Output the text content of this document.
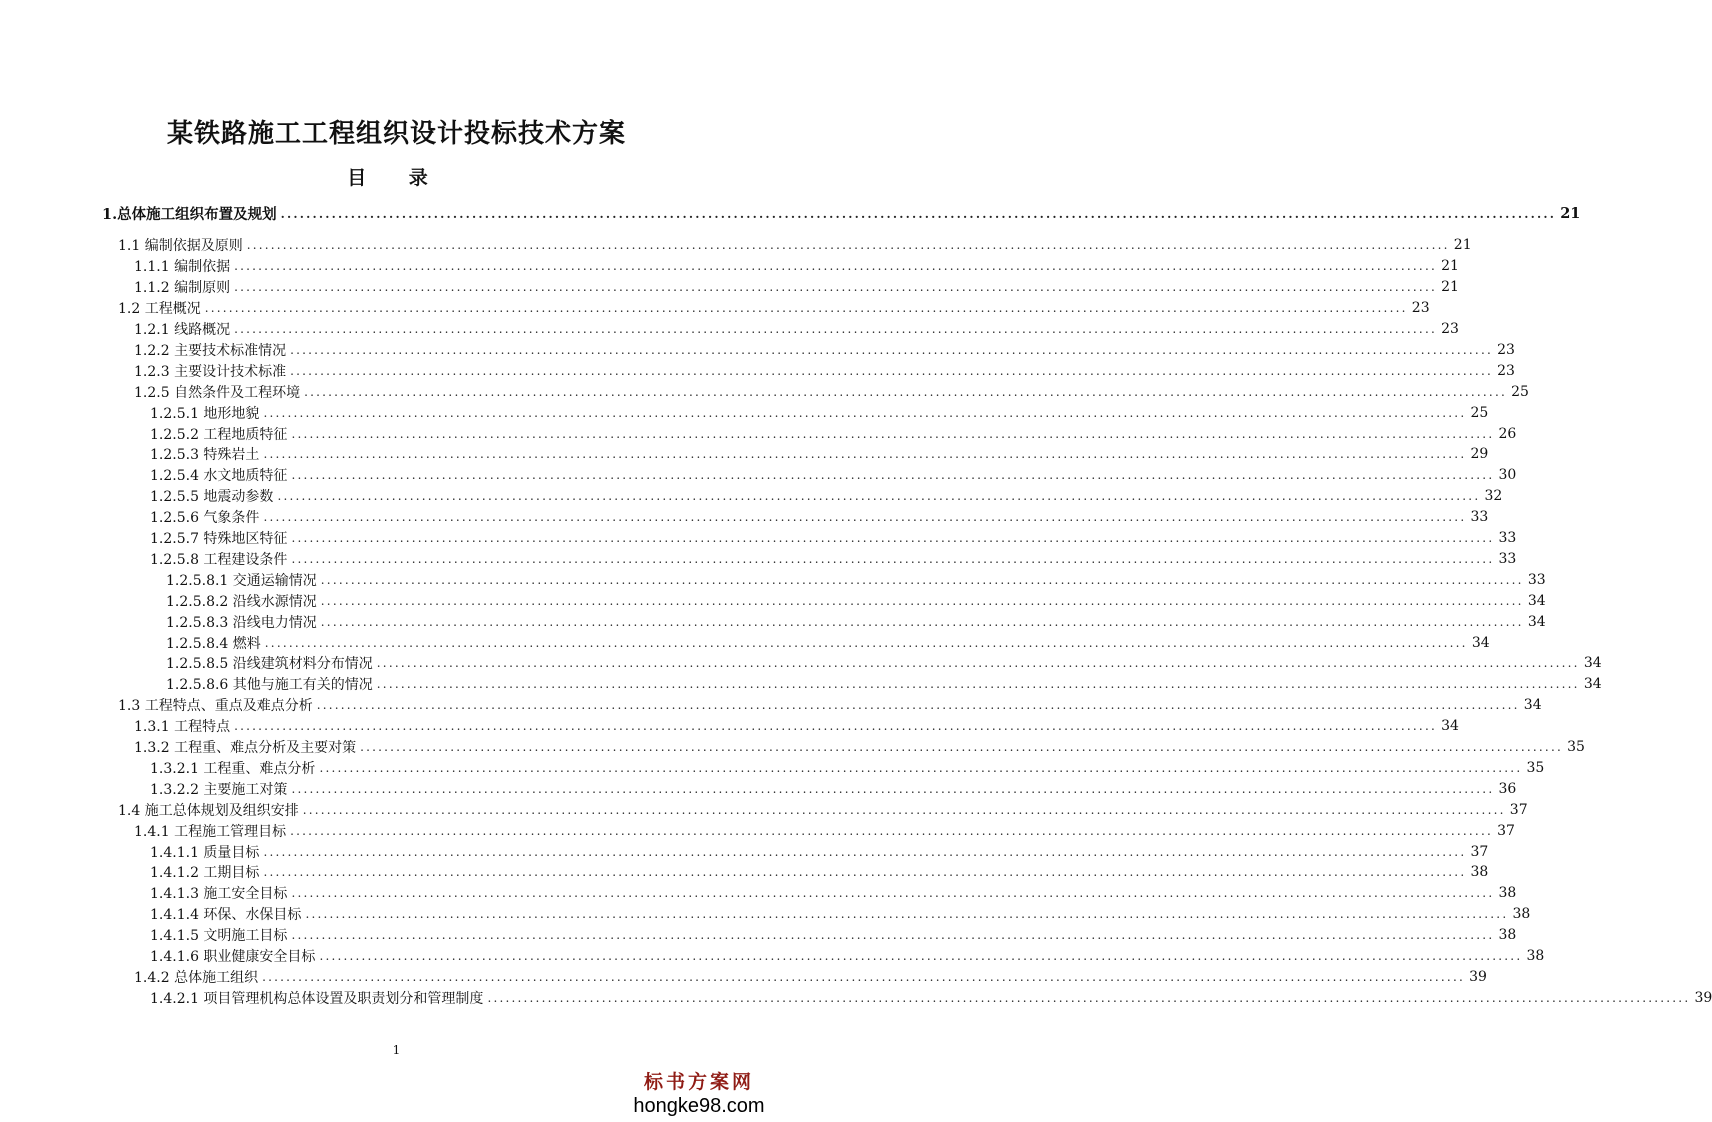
某铁路施工工程组织设计投标技术方案
目 录
1.总体施工组织布置及规划 ........................................................................................................................................................................................................ 21
1.1 编制依据及原则 ........................................................................................................................................................................................................ 21
1.1.1 编制依据 ........................................................................................................................................................................................................ 21
1.1.2 编制原则 ........................................................................................................................................................................................................ 21
1.2 工程概况 ........................................................................................................................................................................................................ 23
1.2.1 线路概况 ........................................................................................................................................................................................................ 23
1.2.2 主要技术标准情况 ........................................................................................................................................................................................................ 23
1.2.3 主要设计技术标准 ........................................................................................................................................................................................................ 23
1.2.5 自然条件及工程环境 ........................................................................................................................................................................................................ 25
1.2.5.1 地形地貌 ........................................................................................................................................................................................................ 25
1.2.5.2 工程地质特征 ........................................................................................................................................................................................................ 26
1.2.5.3 特殊岩土 ........................................................................................................................................................................................................ 29
1.2.5.4 水文地质特征 ........................................................................................................................................................................................................ 30
1.2.5.5 地震动参数 ........................................................................................................................................................................................................ 32
1.2.5.6 气象条件 ........................................................................................................................................................................................................ 33
1.2.5.7 特殊地区特征 ........................................................................................................................................................................................................ 33
1.2.5.8 工程建设条件 ........................................................................................................................................................................................................ 33
1.2.5.8.1 交通运输情况 ........................................................................................................................................................................................................ 33
1.2.5.8.2 沿线水源情况 ........................................................................................................................................................................................................ 34
1.2.5.8.3 沿线电力情况 ........................................................................................................................................................................................................ 34
1.2.5.8.4 燃料 ........................................................................................................................................................................................................ 34
1.2.5.8.5 沿线建筑材料分布情况 ........................................................................................................................................................................................................ 34
1.2.5.8.6 其他与施工有关的情况 ........................................................................................................................................................................................................ 34
1.3 工程特点、重点及难点分析 ........................................................................................................................................................................................................ 34
1.3.1 工程特点 ........................................................................................................................................................................................................ 34
1.3.2 工程重、难点分析及主要对策 ........................................................................................................................................................................................................ 35
1.3.2.1 工程重、难点分析 ........................................................................................................................................................................................................ 35
1.3.2.2 主要施工对策 ........................................................................................................................................................................................................ 36
1.4 施工总体规划及组织安排 ........................................................................................................................................................................................................ 37
1.4.1 工程施工管理目标 ........................................................................................................................................................................................................ 37
1.4.1.1 质量目标 ........................................................................................................................................................................................................ 37
1.4.1.2 工期目标 ........................................................................................................................................................................................................ 38
1.4.1.3 施工安全目标 ........................................................................................................................................................................................................ 38
1.4.1.4 环保、水保目标 ........................................................................................................................................................................................................ 38
1.4.1.5 文明施工目标 ........................................................................................................................................................................................................ 38
1.4.1.6 职业健康安全目标 ........................................................................................................................................................................................................ 38
1.4.2 总体施工组织 ........................................................................................................................................................................................................ 39
1.4.2.1 项目管理机构总体设置及职责划分和管理制度 ........................................................................................................................................................................................................ 39
1
标书方案网
hongke98.com
